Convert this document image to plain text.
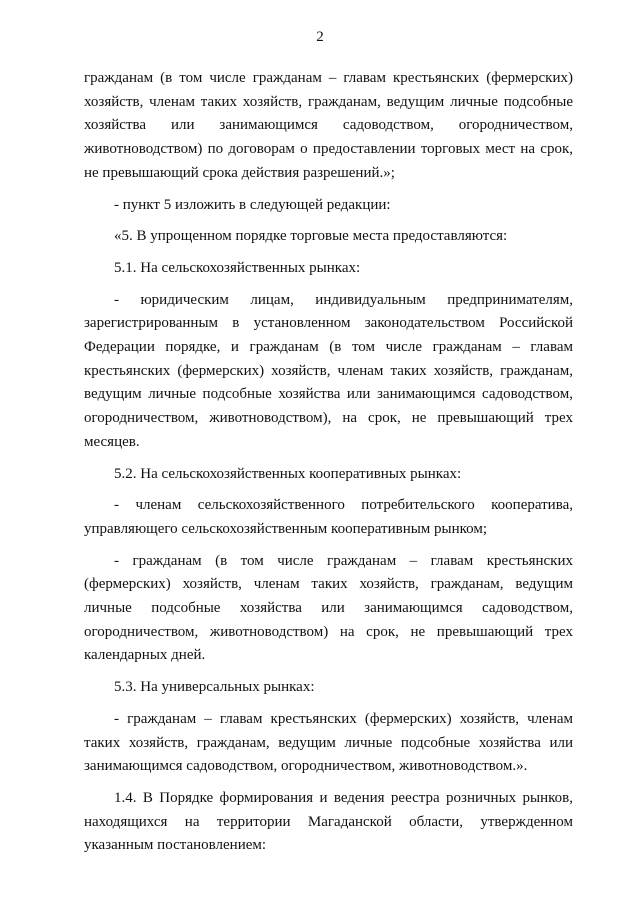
2

гражданам (в том числе гражданам – главам крестьянских (фермерских) хозяйств, членам таких хозяйств, гражданам, ведущим личные подсобные хозяйства или занимающимся садоводством, огородничеством, животноводством) по договорам о предоставлении торговых мест на срок, не превышающий срока действия разрешений.»;

- пункт 5 изложить в следующей редакции:

«5. В упрощенном порядке торговые места предоставляются:

5.1. На сельскохозяйственных рынках:

- юридическим лицам, индивидуальным предпринимателям, зарегистрированным в установленном законодательством Российской Федерации порядке, и гражданам (в том числе гражданам – главам крестьянских (фермерских) хозяйств, членам таких хозяйств, гражданам, ведущим личные подсобные хозяйства или занимающимся садоводством, огородничеством, животноводством), на срок, не превышающий трех месяцев.

5.2. На сельскохозяйственных кооперативных рынках:

- членам сельскохозяйственного потребительского кооператива, управляющего сельскохозяйственным кооперативным рынком;

- гражданам (в том числе гражданам – главам крестьянских (фермерских) хозяйств, членам таких хозяйств, гражданам, ведущим личные подсобные хозяйства или занимающимся садоводством, огородничеством, животноводством) на срок, не превышающий трех календарных дней.

5.3. На универсальных рынках:

- гражданам – главам крестьянских (фермерских) хозяйств, членам таких хозяйств, гражданам, ведущим личные подсобные хозяйства или занимающимся садоводством, огородничеством, животноводством.».

1.4. В Порядке формирования и ведения реестра розничных рынков, находящихся на территории Магаданской области, утвержденном указанным постановлением:
